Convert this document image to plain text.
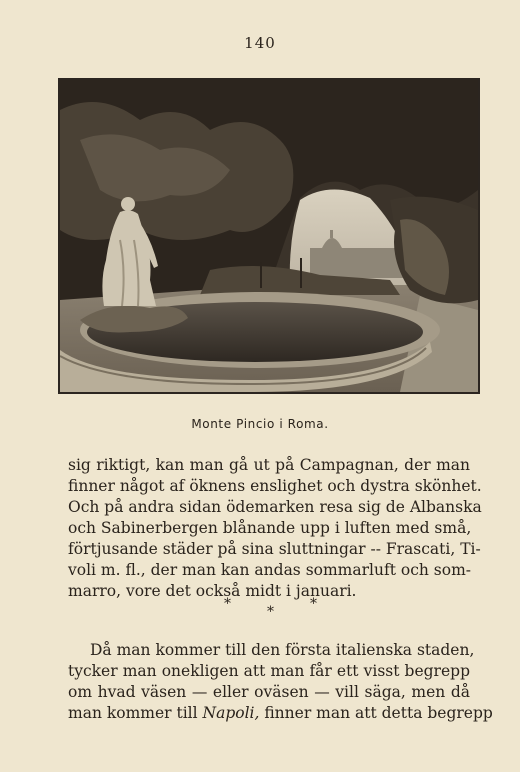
140
Monte Pincio i Roma.
sig riktigt, kan man gå ut på Campagnan, der man
finner något af öknens enslighet och dystra skönhet.
Och på andra sidan ödemarken resa sig de Albanska
och Sabinerbergen blånande upp i luften med små,
förtjusande städer på sina sluttningar -- Frascati, Ti-
voli m. fl., der man kan andas sommarluft och som-
marro, vore det också midt i januari.
*	*
*
Då man kommer till den första italienska staden,
tycker man onekligen att man får ett visst begrepp
om hvad väsen — eller oväsen — vill säga, men då
man kommer till Napoli, finner man att detta begrepp
